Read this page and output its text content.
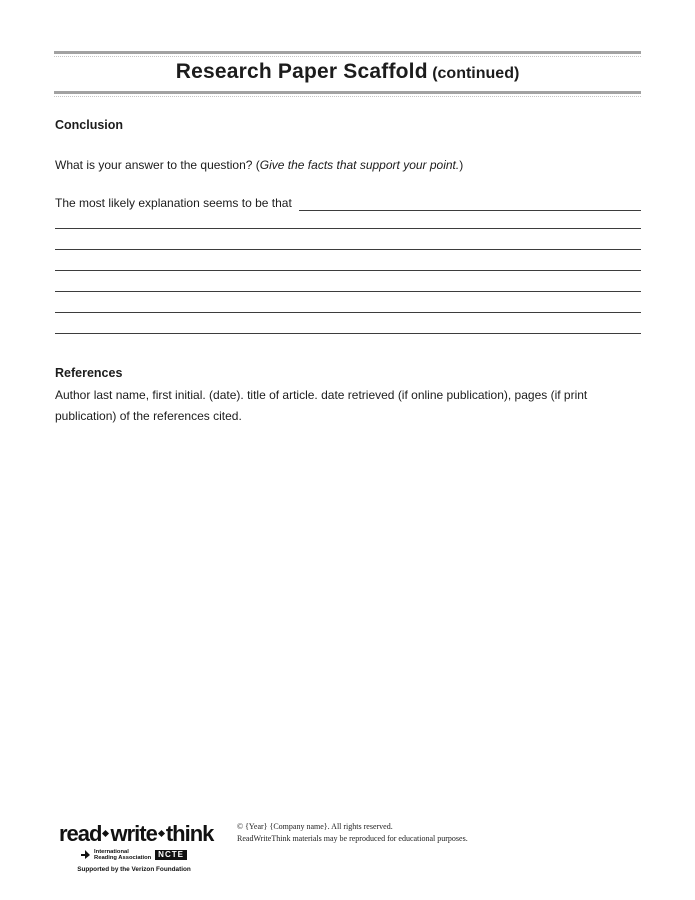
Research Paper Scaffold (continued)
Conclusion
What is your answer to the question? (Give the facts that support your point.)
The most likely explanation seems to be that
References
Author last name, first initial. (date). title of article. date retrieved (if online publication), pages (if print publication) of the references cited.
read write think
International
Reading Association NCTE
Supported by the Verizon Foundation
© {Year} {Company name}. All rights reserved.
ReadWriteThink materials may be reproduced for educational purposes.
